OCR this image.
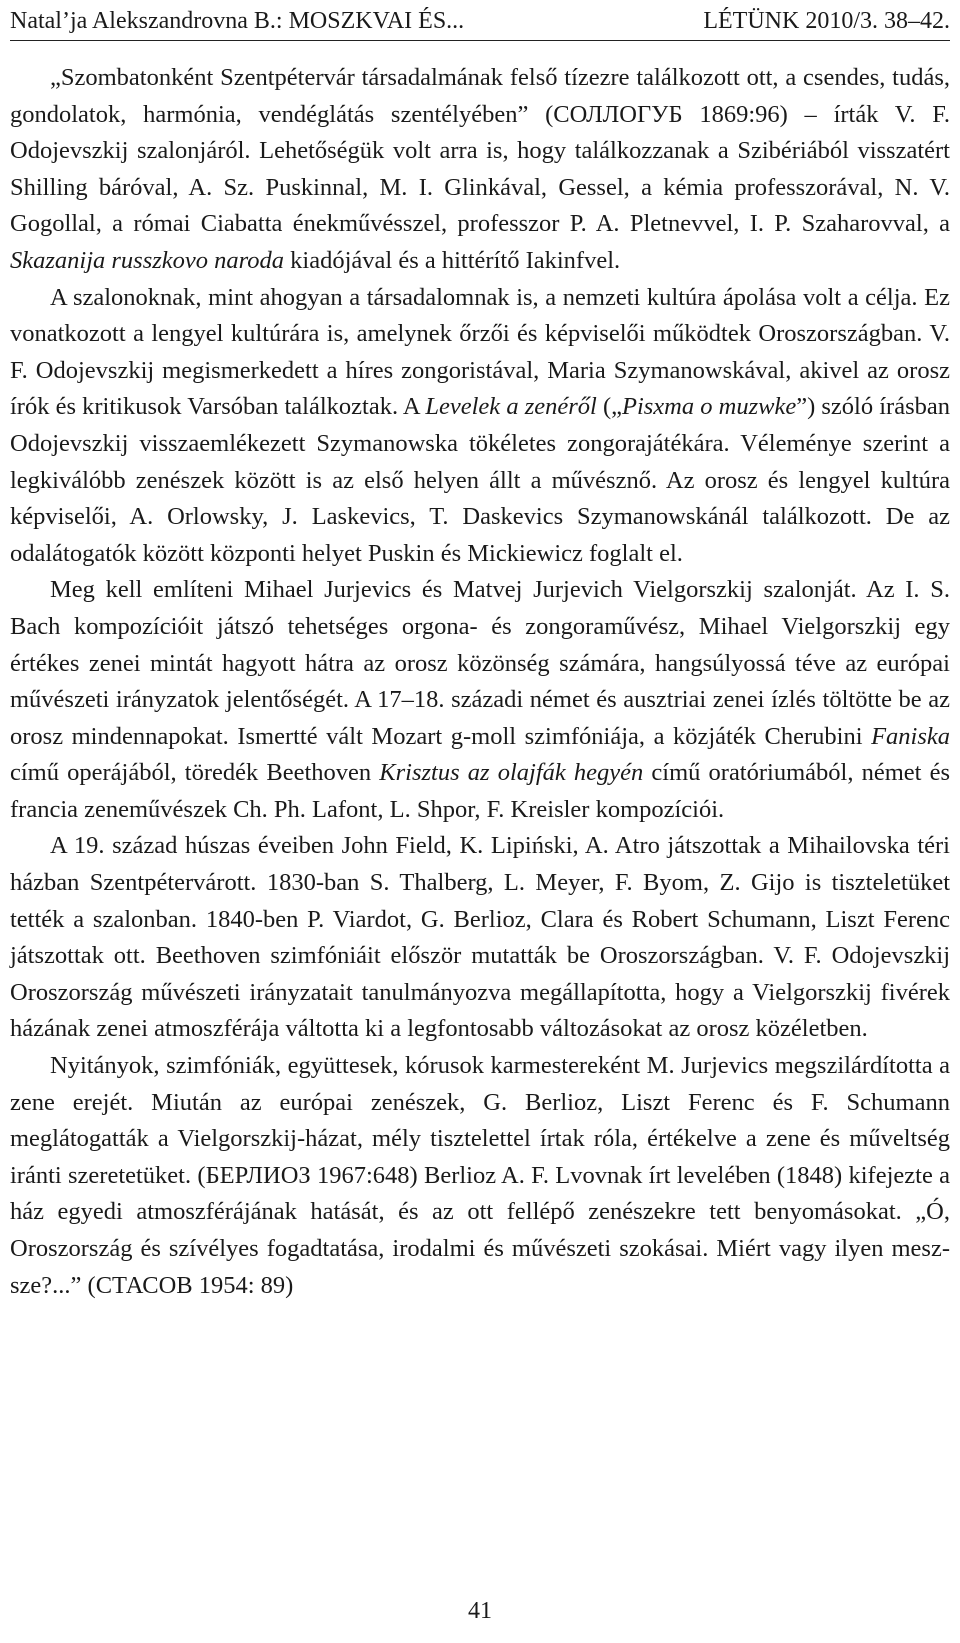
Natal’ja Alekszandrovna B.: MOSZKVAI ÉS...	LÉTÜNK 2010/3. 38–42.

„Szombatonként Szentpétervár társadalmának felső tízezre találkozott ott, a csendes, tudás, gondolatok, harmónia, vendéglátás szentélyében” (СОЛЛОГУБ 1869:96) – írták V. F. Odojevszkij szalonjáról. Lehetőségük volt arra is, hogy találkozzanak a Szibériából visszatért Shilling báróval, A. Sz. Puskinnal, M. I. Glinkával, Gessel, a kémia professzorával, N. V. Gogollal, a római Ciabatta énekművésszel, professzor P. A. Pletnevvel, I. P. Szaharovval, a Skazanija russzkovo naroda kiadójával és a hittérítő Iakinfvel.

A szalonoknak, mint ahogyan a társadalomnak is, a nemzeti kultúra ápolása volt a célja. Ez vonatkozott a lengyel kultúrára is, amelynek őrzői és képviselői működtek Oroszországban. V. F. Odojevszkij megismerkedett a híres zongoristával, Maria Szymanowskával, akivel az orosz írók és kritikusok Varsóban találkoztak. A Levelek a zenéről („Pisxma o muzwke”) szóló írásban Odojevszkij visszaemlékezett Szymanowska tökéletes zongorajátékára. Véleménye szerint a legkiválóbb zenészek között is az első helyen állt a művésznő. Az orosz és lengyel kultúra képviselői, A. Orlowsky, J. Laskevics, T. Daskevics Szymanowskánál találkozott. De az odalátogatók között központi helyet Puskin és Mickiewicz foglalt el.

Meg kell említeni Mihael Jurjevics és Matvej Jurjevich Vielgorszkij szalonját. Az I. S. Bach kompozícióit játszó tehetséges orgona- és zongoraművész, Mihael Vielgorszkij egy értékes zenei mintát hagyott hátra az orosz közönség számára, hangsúlyossá téve az európai művészeti irányzatok jelentőségét. A 17–18. századi német és ausztriai zenei ízlés töltötte be az orosz mindennapokat. Ismertté vált Mozart g-moll szimfóniája, a közjáték Cherubini Faniska című operájából, töredék Beethoven Krisztus az olajfák hegyén című oratóriumából, német és francia zeneművészek Ch. Ph. Lafont, L. Shpor, F. Kreisler kompozíciói.

A 19. század húszas éveiben John Field, K. Lipiński, A. Atro játszottak a Mihailovska téri házban Szentpétervárott. 1830-ban S. Thalberg, L. Meyer, F. Byom, Z. Gijo is tiszteletüket tették a szalonban. 1840-ben P. Viardot, G. Berlioz, Clara és Robert Schumann, Liszt Ferenc játszottak ott. Beethoven szimfóniáit először mutatták be Oroszországban. V. F. Odojevszkij Oroszország művészeti irányzatait tanulmányozva megállapította, hogy a Vielgorszkij fivérek házának zenei atmoszférája váltotta ki a legfontosabb változásokat az orosz közéletben.

Nyitányok, szimfóniák, együttesek, kórusok karmestereként M. Jurjevics megszilárdította a zene erejét. Miután az európai zenészek, G. Berlioz, Liszt Ferenc és F. Schumann meglátogatták a Vielgorszkij-házat, mély tisztelettel írtak róla, értékelve a zene és műveltség iránti szeretetüket. (БЕРЛИОЗ 1967:648) Berlioz A. F. Lvovnak írt levelében (1848) kifejezte a ház egyedi atmoszférájának hatását, és az ott fellépő zenészekre tett benyomásokat. „Ó, Oroszország és szívélyes fogadtatása, irodalmi és művészeti szokásai. Miért vagy ilyen meszsze?...” (СТАСОВ 1954: 89)

41
